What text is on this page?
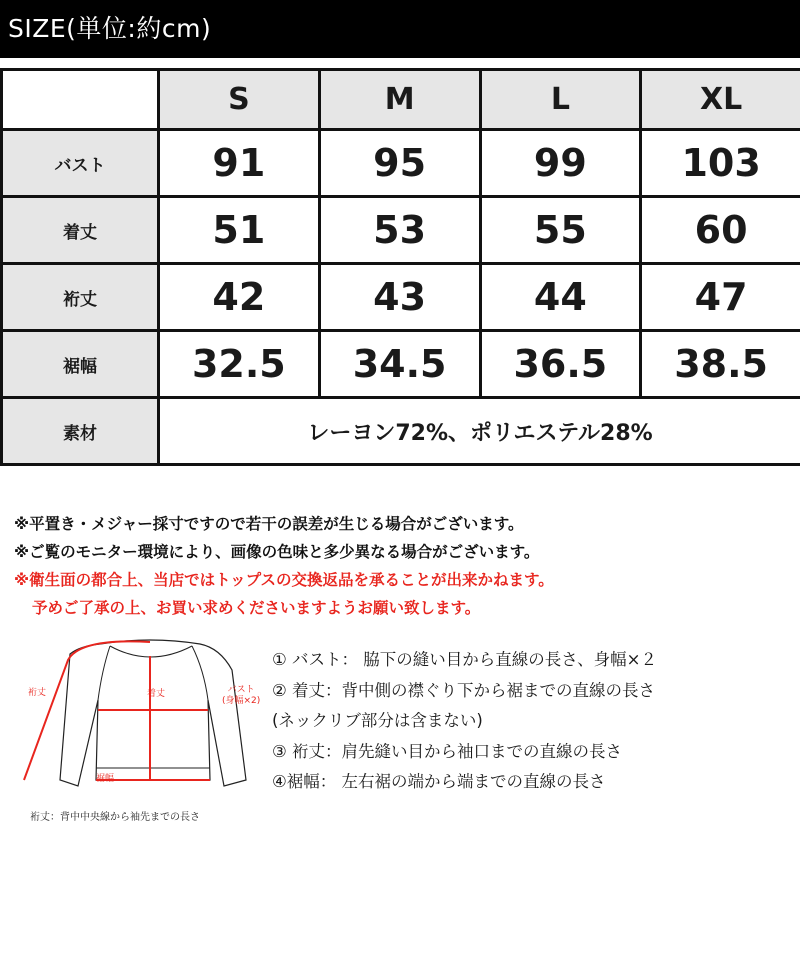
SIZE(単位:約cm)
	S	M	L	XL
バスト	91	95	99	103
着丈	51	53	55	60
裄丈	42	43	44	47
裾幅	32.5	34.5	36.5	38.5
素材	レーヨン72%、ポリエステル28%			
※平置き・メジャー採寸ですので若干の誤差が生じる場合がございます。
※ご覧のモニター環境により、画像の色味と多少異なる場合がございます。
※衛生面の都合上、当店ではトップスの交換返品を承ることが出来かねます。
予めご了承の上、お買い求めくださいますようお願い致します。
裄丈	着丈	バスト
(身幅×2)
裾幅
裄丈：背中中央線から袖先までの長さ
① バスト： 脇下の縫い目から直線の長さ、身幅×２
② 着丈：背中側の襟ぐり下から裾までの直線の長さ
(ネックリブ部分は含まない)
③ 裄丈：肩先縫い目から袖口までの直線の長さ
④裾幅： 左右裾の端から端までの直線の長さ
